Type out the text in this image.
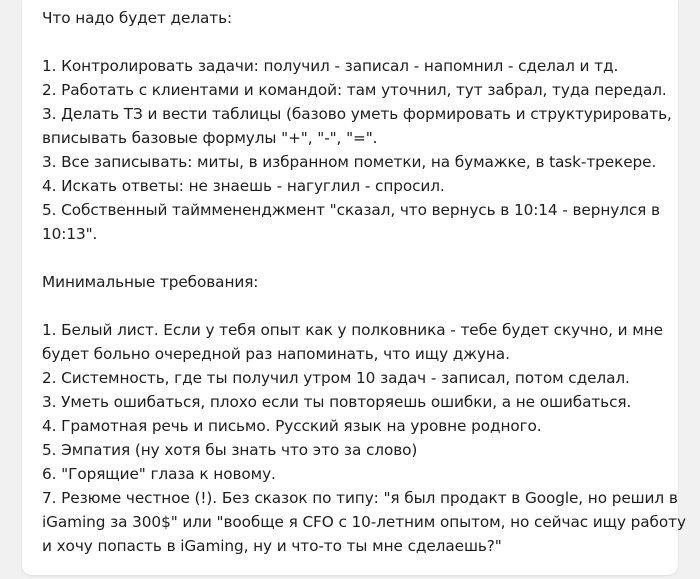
Что надо будет делать:
1. Контролировать задачи: получил - записал - напомнил - сделал и тд.
2. Работать с клиентами и командой: там уточнил, тут забрал, туда передал.
3. Делать ТЗ и вести таблицы (базово уметь формировать и структурировать,
вписывать базовые формулы "+", "-", "=".
3. Все записывать: миты, в избранном пометки, на бумажке, в task-трекере.
4. Искать ответы: не знаешь - нагуглил - спросил.
5. Собственный тайммененджмент "сказал, что вернусь в 10:14 - вернулся в
10:13".
Минимальные требования:
1. Белый лист. Если у тебя опыт как у полковника - тебе будет скучно, и мне
будет больно очередной раз напоминать, что ищу джуна.
2. Системность, где ты получил утром 10 задач - записал, потом сделал.
3. Уметь ошибаться, плохо если ты повторяешь ошибки, а не ошибаться.
4. Грамотная речь и письмо. Русский язык на уровне родного.
5. Эмпатия (ну хотя бы знать что это за слово)
6. "Горящие" глаза к новому.
7. Резюме честное (!). Без сказок по типу: "я был продакт в Google, но решил в
iGaming за 300$" или "вообще я CFO с 10-летним опытом, но сейчас ищу работу
и хочу попасть в iGaming, ну и что-то ты мне сделаешь?"
